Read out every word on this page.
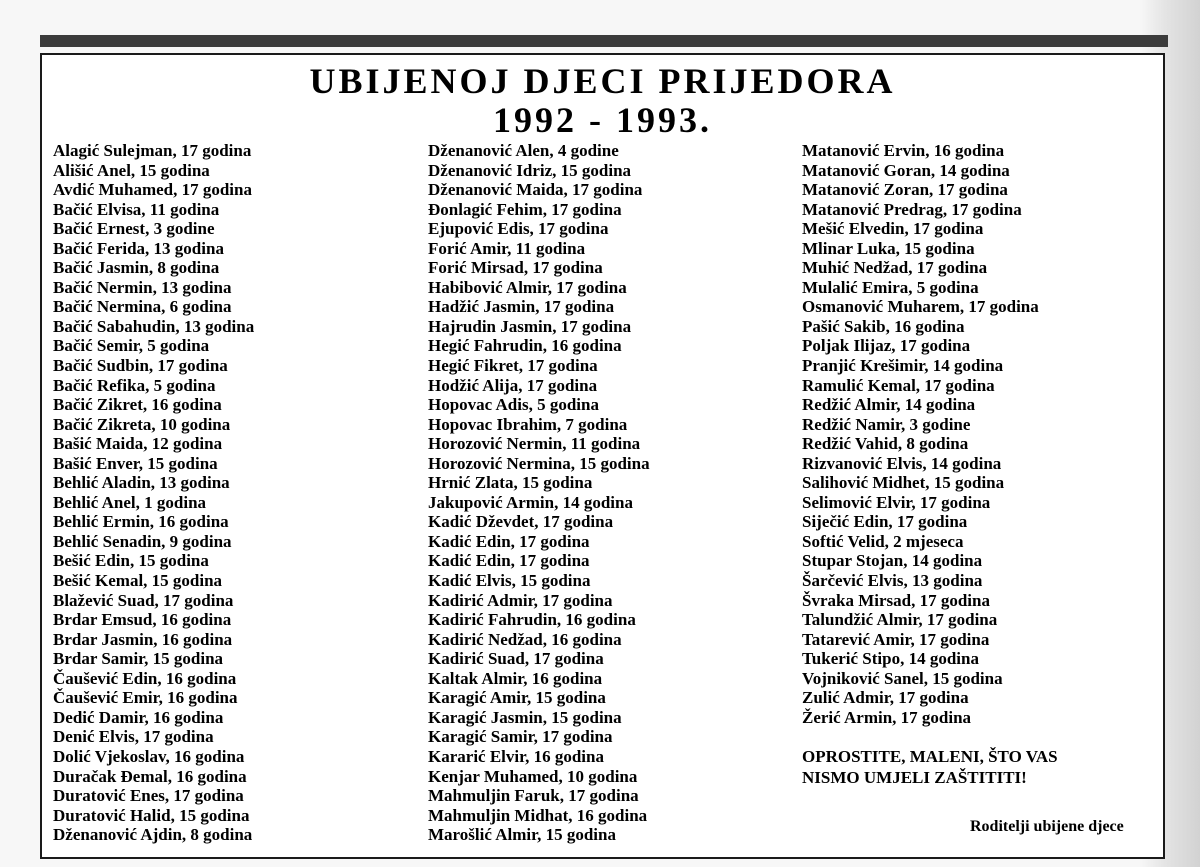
UBIJENOJ DJECI PRIJEDORA
1992 - 1993.
Alagić Sulejman, 17 godina
Ališić Anel, 15 godina
Avdić Muhamed, 17 godina
Bačić Elvisa, 11 godina
Bačić Ernest, 3 godine
Bačić Ferida, 13 godina
Bačić Jasmin, 8 godina
Bačić Nermin, 13 godina
Bačić Nermina, 6 godina
Bačić Sabahudin, 13 godina
Bačić Semir, 5 godina
Bačić Sudbin, 17 godina
Bačić Refika, 5 godina
Bačić Zikret, 16 godina
Bačić Zikreta, 10 godina
Bašić Maida, 12 godina
Bašić Enver, 15 godina
Behlić Aladin, 13 godina
Behlić Anel, 1 godina
Behlić Ermin, 16 godina
Behlić Senadin, 9 godina
Bešić Edin, 15 godina
Bešić Kemal, 15 godina
Blažević Suad, 17 godina
Brdar Emsud, 16 godina
Brdar Jasmin, 16 godina
Brdar Samir, 15 godina
Čaušević Edin, 16 godina
Čaušević Emir, 16 godina
Dedić Damir, 16 godina
Denić Elvis, 17 godina
Dolić Vjekoslav, 16 godina
Duračak Đemal, 16 godina
Duratović Enes, 17 godina
Duratović Halid, 15 godina
Dženanović Ajdin, 8 godina
Dženanović Alen, 4 godine
Dženanović Idriz, 15 godina
Dženanović Maida, 17 godina
Đonlagić Fehim, 17 godina
Ejupović Edis, 17 godina
Forić Amir, 11 godina
Forić Mirsad, 17 godina
Habibović Almir, 17 godina
Hadžić Jasmin, 17 godina
Hajrudin Jasmin, 17 godina
Hegić Fahrudin, 16 godina
Hegić Fikret, 17 godina
Hodžić Alija, 17 godina
Hopovac Adis, 5 godina
Hopovac Ibrahim, 7 godina
Horozović Nermin, 11 godina
Horozović Nermina, 15 godina
Hrnić Zlata, 15 godina
Jakupović Armin, 14 godina
Kadić Dževdet, 17 godina
Kadić Edin, 17 godina
Kadić Edin, 17 godina
Kadić Elvis, 15 godina
Kadirić Admir, 17 godina
Kadirić Fahrudin, 16 godina
Kadirić Nedžad, 16 godina
Kadirić Suad, 17 godina
Kaltak Almir, 16 godina
Karagić Amir, 15 godina
Karagić Jasmin, 15 godina
Karagić Samir, 17 godina
Kararić Elvir, 16 godina
Kenjar Muhamed, 10 godina
Mahmuljin Faruk, 17 godina
Mahmuljin Midhat, 16 godina
Marošlić Almir, 15 godina
Matanović Ervin, 16 godina
Matanović Goran, 14 godina
Matanović Zoran, 17 godina
Matanović Predrag, 17 godina
Mešić Elvedin, 17 godina
Mlinar Luka, 15 godina
Muhić Nedžad, 17 godina
Mulalić Emira, 5 godina
Osmanović Muharem, 17 godina
Pašić Sakib, 16 godina
Poljak Ilijaz, 17 godina
Pranjić Krešimir, 14 godina
Ramulić Kemal, 17 godina
Redžić Almir, 14 godina
Redžić Namir, 3 godine
Redžić Vahid, 8 godina
Rizvanović Elvis, 14 godina
Salihović Midhet, 15 godina
Selimović Elvir, 17 godina
Siječić Edin, 17 godina
Softić Velid, 2 mjeseca
Stupar Stojan, 14 godina
Šarčević Elvis, 13 godina
Švraka Mirsad, 17 godina
Talundžić Almir, 17 godina
Tatarević Amir, 17 godina
Tukerić Stipo, 14 godina
Vojniković Sanel, 15 godina
Zulić Admir, 17 godina
Žerić Armin, 17 godina

OPROSTITE, MALENI, ŠTO VAS
NISMO UMJELI ZAŠTITITI!

Roditelji ubijene djece
